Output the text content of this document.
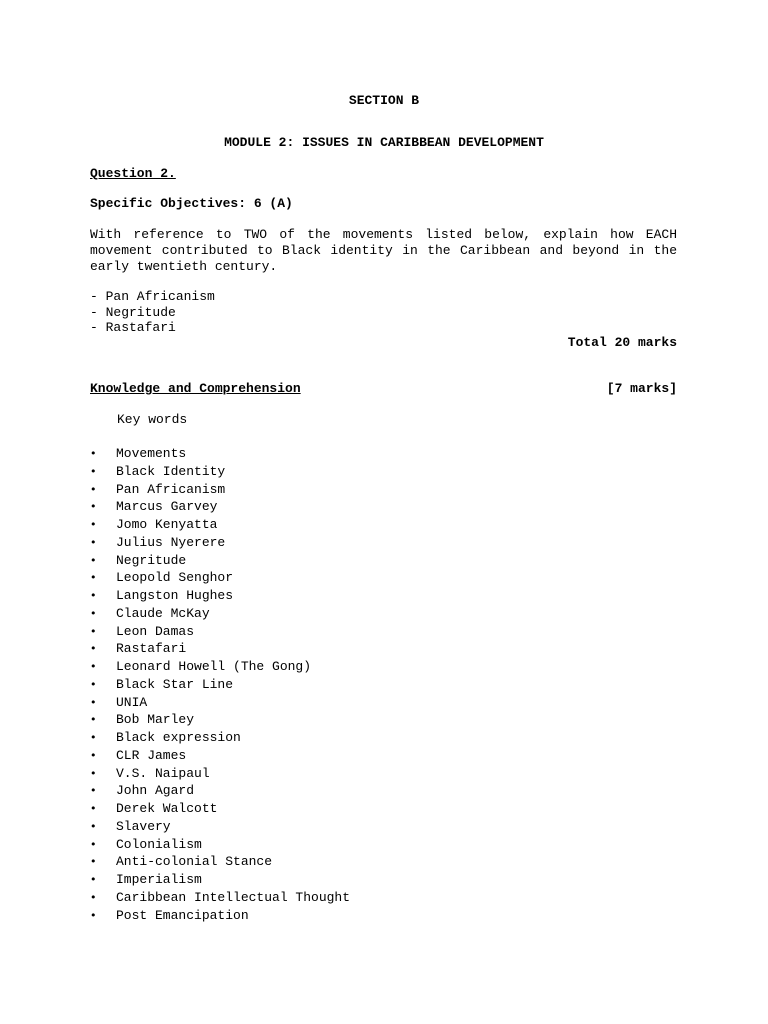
SECTION B
MODULE 2: ISSUES IN CARIBBEAN DEVELOPMENT
Question 2.
Specific Objectives: 6 (A)
With reference to TWO of the movements listed below, explain how EACH
movement contributed to Black identity in the Caribbean and beyond in the
early twentieth century.
- Pan Africanism
- Negritude
- Rastafari
Total 20 marks
Knowledge and Comprehension	[7 marks]
Key words
• Movements
• Black Identity
• Pan Africanism
• Marcus Garvey
• Jomo Kenyatta
• Julius Nyerere
• Negritude
• Leopold Senghor
• Langston Hughes
• Claude McKay
• Leon Damas
• Rastafari
• Leonard Howell (The Gong)
• Black Star Line
• UNIA
• Bob Marley
• Black expression
• CLR James
• V.S. Naipaul
• John Agard
• Derek Walcott
• Slavery
• Colonialism
• Anti-colonial Stance
• Imperialism
• Caribbean Intellectual Thought
• Post Emancipation
